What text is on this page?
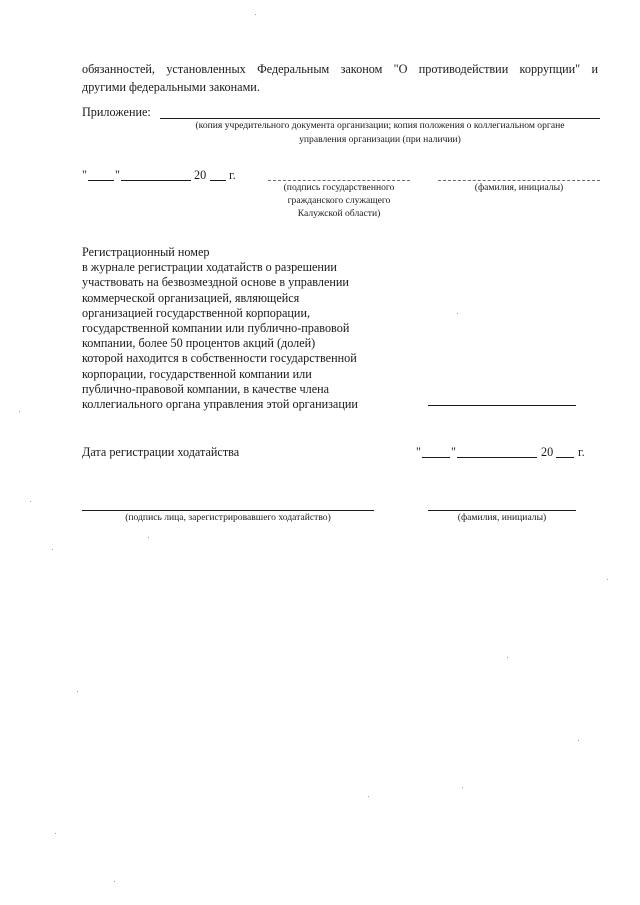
обязанностей, установленных Федеральным законом "О противодействии коррупции" и
другими федеральными законами.
Приложение:
(копия учредительного документа организации; копия положения о коллегиальном органе
управления организации (при наличии)
" "	20 г.
(подпись государственного
гражданского служащего
Калужской области)
(фамилия, инициалы)
Регистрационный номер
в журнале регистрации ходатайств о разрешении
участвовать на безвозмездной основе в управлении
коммерческой организацией, являющейся
организацией государственной корпорации,
государственной компании или публично-правовой
компании, более 50 процентов акций (долей)
которой находится в собственности государственной
корпорации, государственной компании или
публично-правовой компании, в качестве члена
коллегиального органа управления этой организации
Дата регистрации ходатайства	" "	20 г.
(подпись лица, зарегистрировавшего ходатайство)	(фамилия, инициалы)
